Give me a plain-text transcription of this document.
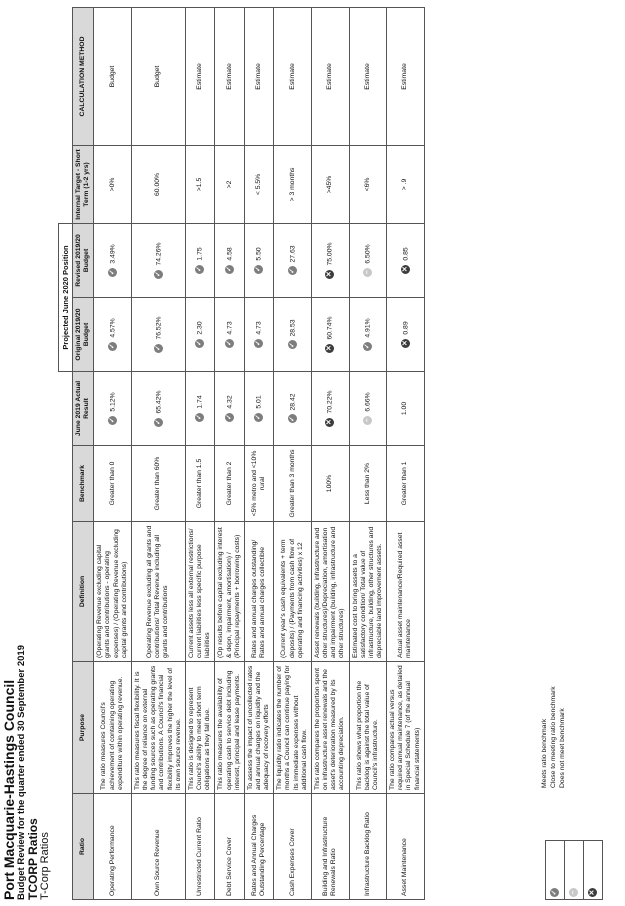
Port Macquarie-Hastings Council Budget Review for the quarter ended 30 September 2019 TCORP Ratios
T-Corp Ratios
					Projected June 2020 Position			
Ratio	Purpose	Definition	Benchmark	June 2019 Actual Result	Original 2019/20 Budget	Revised 2019/20 Budget	Internal Target - Short Term (1-2 yrs)	CALCULATION METHOD
Operating Performance	The ratio measures Council's achievement of containing operating expenditure within operating revenue.	(Operating Revenue excluding capital grants and contributions - operating expenses) / (Operating Revenue excluding capital grants and contributions)	Greater than 0	✓5.12%	✓4.57%	✓3.49%	>0%	Budget
Own Source Revenue	This ratio measures fiscal flexibility. It is the degree of reliance on external funding sources such as operating grants and contributions. A Council's financial flexibility improves the higher the level of its own source revenue.	Operating Revenue excluding all grants and contributions/ Total Revenue including all grants and contributions	Greater than 60%	✓65.42%	✓76.52%	✓74.26%	60.00%	Budget
Unrestricted Current Ratio	This ratio is designed to represent Council's ability to meet short term obligations as they fall due.	Current assets less all external restrictions/ current liabilities less specific purpose liabilities	Greater than 1.5	✓1.74	✓2.30	✓1.75	>1.5	Estimate
Debt Service Cover	This ratio measures the availability of operating cash to service debt including interest, principal and lease payments.	(Op results before capital excluding interest & depn, impairment, amortisation) / (Principal repayments + borrowing costs)	Greater than 2	✓4.32	✓4.73	✓4.58	>2	Estimate
Rates and Annual Charges Outstanding Percentage	To assess the impact of uncollected rates and annual charges on liquidity and the adequacy of recovery efforts	Rates and annual charges outstanding/ Rates and annual charges collectible	<5% metro and <10% rural	✓5.01	✓4.73	✓5.50	< 5.5%	Estimate
Cash Expenses Cover	The liquidity ratio indicates the number of months a Council can continue paying for its immediate expenses without additional cash flow.	(Current year's cash equivalents + term deposits) / (Payments from cash flow of operating and financing activities) x 12	Greater than 3 months	✓28.42	✓28.53	✓27.63	> 3 months	Estimate
Building and Infrastructure Renewals Ratio	This ratio compares the proportion spent on infrastructure asset renewals and the asset's deterioration measured by its accounting depreciation.	Asset renewals (building, infrastructure and other structures)/Depreciation, amortisation and impairment (building, infrastructure and other structures)	100%	✕70.22%	✕60.74%	✕75.00%	>45%	Estimate
Infrastructure Backlog Ratio	This ratio shows what proportion the backlog is against the total value of Council's infrastructure.	Estimated cost to bring assets to a satisfactory condition/ Total value of infrastructure, building, other structures and depreciable land improvement assets.	Less than 2%	–6.66%	✓4.91%	–6.50%	<6%	Estimate
Asset Maintenance	The ratio compares actual versus required annual maintenance, as detailed in Special Schedule 7 (of the annual financial statements)	Actual asset maintenance/Required asset maintenance	Greater than 1	1.00	✕0.89	✕0.85	> .9	Estimate
✓
–
✕
Meets ratio benchmark Close to meeting ratio benchmark Does not meet benchmark
